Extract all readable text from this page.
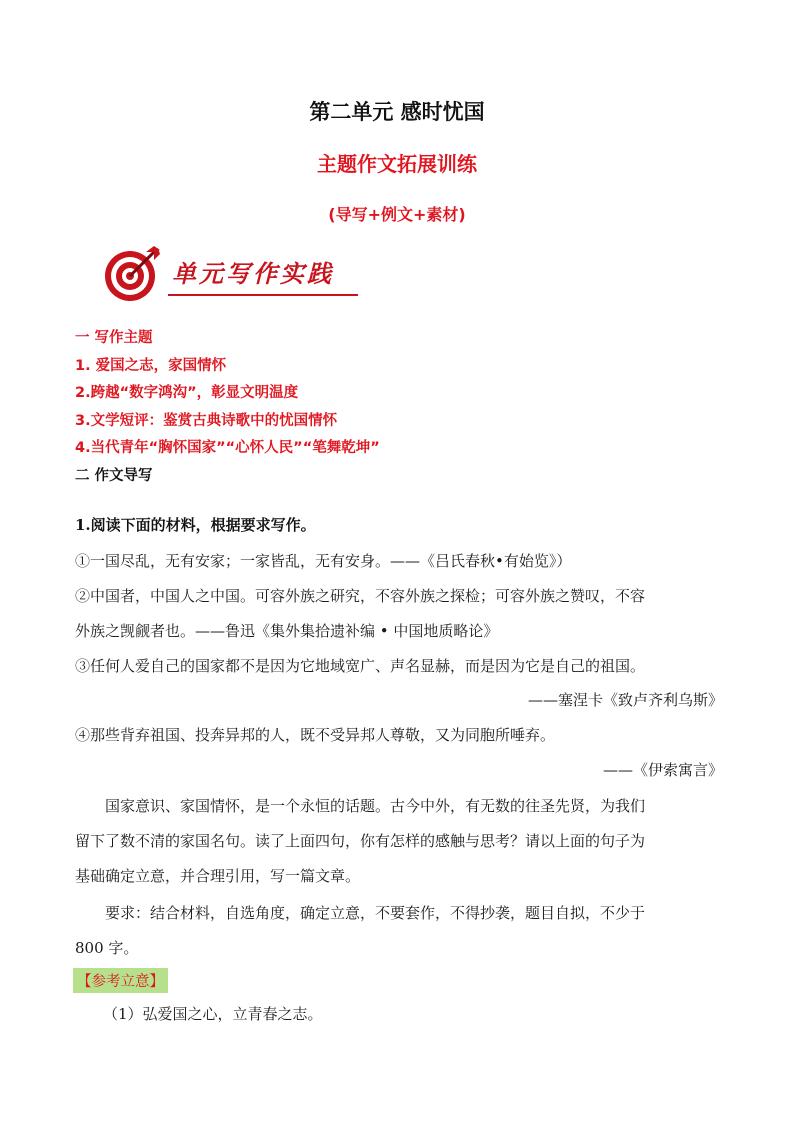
第二单元 感时忧国
主题作文拓展训练
(导写+例文+素材)
单元写作实践
一 写作主题
1. 爱国之志，家国情怀
2.跨越“数字鸿沟”，彰显文明温度
3.文学短评：鉴赏古典诗歌中的忧国情怀
4.当代青年“胸怀国家”“心怀人民”“笔舞乾坤”
二 作文导写
1.阅读下面的材料，根据要求写作。
①一国尽乱，无有安家；一家皆乱，无有安身。——《吕氏春秋•有始览》）
②中国者，中国人之中国。可容外族之研究，不容外族之探检；可容外族之赞叹，不容
外族之觊觎者也。——鲁迅《集外集拾遗补编 • 中国地质略论》
③任何人爱自己的国家都不是因为它地域宽广、声名显赫，而是因为它是自己的祖国。
——塞涅卡《致卢齐利乌斯》
④那些背弃祖国、投奔异邦的人，既不受异邦人尊敬，又为同胞所唾弃。
——《伊索寓言》
国家意识、家国情怀，是一个永恒的话题。古今中外，有无数的往圣先贤，为我们
留下了数不清的家国名句。读了上面四句，你有怎样的感触与思考？请以上面的句子为
基础确定立意，并合理引用，写一篇文章。
要求：结合材料，自选角度，确定立意，不要套作，不得抄袭，题目自拟，不少于
800 字。
【参考立意】
（1）弘爱国之心，立青春之志。
